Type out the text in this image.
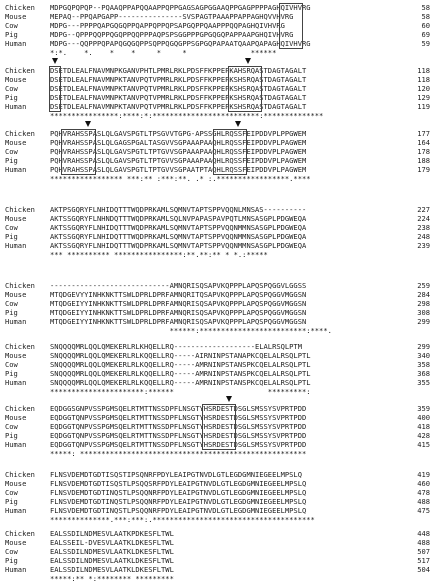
Chicken MDPGQPQPQP--PQAAQPPAPQQAAPPQPPGAGSAGPGGAAQPPGAGPPPPAGHQIVHVRG	58
Mouse	MEPAQ--PPQAPGAPP---------------SVSPAGTPAAAPPAPPAGHQVVHVRG	58
Cow	MDPG---PPPPQAPGQGQPPQAPPQPPQPSAPGQPPQAAPPPQQPAGHQIVHVRG	60
Pig	MDPG--QPPPQQPPQGQPPQQPPPAQPSPSGGPPPGPGQGQPAPPAAPGHQIVHVRG	69
Human	MDPG---QQPPPQPAPQGQGQPPSQPPQGQGPPSGPGQPAPAATQAAPQAPAGHQIVHVRG	59
*:*.    *.    *    *     *     *               ******
Chicken DSETDLEALFNAVMNPKGANVPHTLPMRLRKLPDSFFKPPEPKAHSRQASTDAGTAGALT	118
Mouse	DSETDLEALFNAVMNPKTANVPQTVPMRLRKLPDSFFKPPEPKSHSRQASTDAGTAGALT	118
Cow	DSETDLEALFNAVMNPKTANVPQTVPMRLRKLPDSFFKPPEPKSHSRQASTDAGTAGALT	120
Pig	DSETDLEALFNAVMNPKTANVPQTVPMRLRKLPDSFFKPPEPKSHSRQASTDAGTAGALT	129
Human	DSETDLEALFNAVMNPKTANVPQTVPMRLRKLPDSFFKPPEPKSHSRQASTDAGTAGALT	119
****************:****:*:*************************:**************
Chicken PQHVRAHSSPASLQLGAVSPGTLTPSGVVTGPG-APSSGHLRQSSFEIPDDVPLPPGWEM	177
Mouse	PQHVRAHSSPASLQLGAGSPGALTASGVVSGPAAAPAAQHLRQSSFEIPDDVPLPAGWEM	164
Cow	PQHVRAHSSPASLQLGAVSPGTLTPTGVVSGPAAAPAAQHLRQSSFEIPDDVPLPAGWEM	178
Pig	PQHVRAHSSPASLQLGAVSPGTLTPTGVVSGPAAAPAAQHLRQSSFEIPDDVPLPAGWEM	188
Human	PQHVRAHSSPASLQLGAVSPGTLTPTGVVSGPAATPTAQHLRQSSFEIPDDVPLPAGWEM	179
***************** ***:** :***:**. .* :.*****************.****
Chicken AKTPSGQRYFLNHIDQTTTWQDPRKAMLSQMNVTAPTSPPVQQNLMNSAS----------	227
Mouse	AKTSSGQRYFLNHNDQTTTWQDPRKAMLSQLNVPAPASPAVPQTLMNSASGPLPDGWEQA	224
Cow	AKTSSGQRYFLNHIDQTTTWQDPRKAMLSQMNVTAPTSPPVQQNMMNSASGPLPDGWEQA	238
Pig	AKTSSGQRYFLNHIDQTTTWQDPRKAMLSQMNVTAPTSPPVQQNMMNSASGPLPDGWEQA	248
Human	AKTSSGQRYFLNHIDQTTTWQDPRKAMLSQMNVTAPTSPPVQQNMMNSASGPLPDGWEQA	239
*** ********** ****************:**.**:** * *.:*****
Chicken ----------------------------AMNQRISQSAPVKQPPPLAPQSPQGGVLGGSS	259
Mouse	MTQDGEVYYINHKNKTTSWLDPRLDPRFAMNQRITQSAPVKQPPPLAPQSPQGGVMGGSN	284
Cow	MTQDGEIYYINHKNKTTSWLDPRLDPRFAMNQRISQSAPVKQPPPLAPQSPQGGVMGGSN	298
Pig	MTQDGEIYYINHKNKTTSWLDPRLDPRFAMNQRISQSAPVKQPPPLAPQSPQGGVMGGSN	308
Human	MTQDGEIYYINHKNKTTSWLDPRLDPRFAMNQRISQSAPVKQPPPLAPQSPQGGVMGGSN	299
******:*************************:****.
Chicken SNQQQQMRLQQLQMEKERLRLKHQELLRQ-------------------ELALRSQLPTM	299
Mouse	SNQQQQMRLQQLQMEKERLRLKQQELLRQ-----AIRNINPSTANAPKCQELALRSQLPTL	340
Cow	SNQQQQMRLQQLQMEKERLRLKQQELLRQ-----AMRNINPSTANSPKCQELALRSQLPTL	358
Pig	SNQQQQMRLQQLQMEKERLRLKQQELLRQ-----AMRNINPSTANSPKCQELALRSQLPTL	368
Human	SNQQQQMRLQQLQMEKERLRLKQQELLRQ-----AMRNINPSTANSPKCQELALRSQLPTL	355
**********************:******                      *********:
Chicken EQDGGSGNPVSSPGMSQELRTMTTNSSDPFLNSGTYHSRDESTDSGLSMSSYSVPRTPDD	359
Mouse	EQDGGTQNPVSSPGMSQELRTMTTNSSDPFLNSGTYHSRDESTDSGLSMSSYSVPRTPDD	400
Cow	EQDGGTQNPVSSPGMSQELRTMTTNSSDPFLNSGTYHSRDESTDSGLSMSSYSVPRTPDD	418
Pig	EQDGGTQNPVSSPGMSQELRTMTTNSSDPFLNSGTYHSRDESTDSGLSMSSYSVPRTPDD	428
Human	EQDGGTQNPVSSPGMSQELRTMTTNSSDPFLNSGTYHSRDESTDSGLSMSSYSVPRTPDD	415
*****: *****************************************************
Chicken FLNSVDEMDTGDTISQSTIPSQNRFPDYLEAIPGTNVDLGTLEGDGMNIEGEELMPSLQ	419
Mouse	FLNSVDEMDTGDTISQSTLPSQQSRFPDYLEAIPGTNVDLGTLEGDGMNIEGEELMPSLQ	460
Cow	FLNSVDEMDTGDTINQSTLPSQQNRFPDYLEAIPGTNVDLGTLEGDGMNIEGEELMPSLQ	478
Pig	FLNSVDEMDTGDTINQSTLPSQQNRFPDYLEAIPGTNVDLGTLEGDGMNIEGEELMPSLQ	488
Human	FLNSVDEMDTGDTINQSTLPSQQNRFPDYLEAIPGTNVDLGTLEGDGMNIEGEELMPSLQ	475
**************.***:***:.**************************************
Chicken EALSSDILNDMESVLAATKPDKESFLTWL	448
Mouse	EALSSEIL-DVESVLAATKLDKESFLTWL	488
Cow	EALSSDILNDMESVLAATKLDKESFLTWL	507
Pig	EALSSDILNDMESVLAATKLDKESFLTWL	517
Human	EALSSDILNDMESVLAATKLDKESFLTWL	504
*****:** *:******** *********
